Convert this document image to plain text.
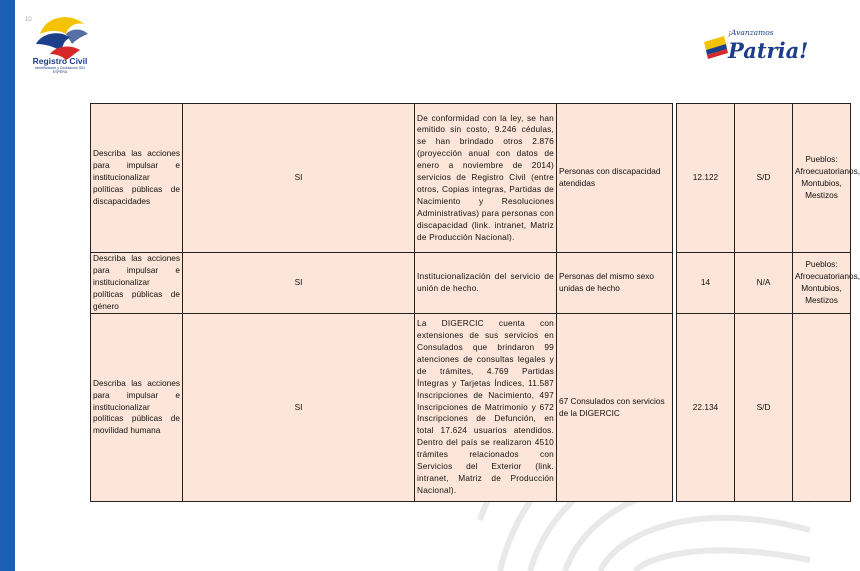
10
Registro Civil
Identificación y Cedulación SIN ESPERA
¡Avanzamos
Patria!
Describa las acciones para impulsar e institucionalizar políticas públicas de discapacidades	SI	De conformidad con la ley, se han emitido sin costo, 9.246 cédulas, se han brindado otros 2.876 (proyección anual con datos de enero a noviembre de 2014) servicios de Registro Civil (entre otros, Copias íntegras, Partidas de Nacimiento y Resoluciones Administrativas) para personas con discapacidad (link. intranet, Matriz de Producción Nacional).	Personas con discapacidad atendidas		12.122	S/D	Pueblos: Afroecuatorianos, Montubios, Mestizos
Describa las acciones para impulsar e institucionalizar políticas públicas de género	SI	Institucionalización del servicio de unión de hecho.	Personas del mismo sexo unidas de hecho		14	N/A	Pueblos: Afroecuatorianos, Montubios, Mestizos
Describa las acciones para impulsar e institucionalizar políticas públicas de movilidad humana	SI	La DIGERCIC cuenta con extensiones de sus servicios en Consulados que brindaron 99 atenciones de consultas legales y de trámites, 4.769 Partidas Íntegras y Tarjetas Índices, 11.587 Inscripciones de Nacimiento, 497 Inscripciones de Matrimonio y 672 Inscripciones de Defunción, en total 17.624 usuarios atendidos. Dentro del país se realizaron 4510 trámites relacionados con Servicios del Exterior (link. intranet, Matriz de Producción Nacional).	67 Consulados con servicios de la DIGERCIC		22.134	S/D	
